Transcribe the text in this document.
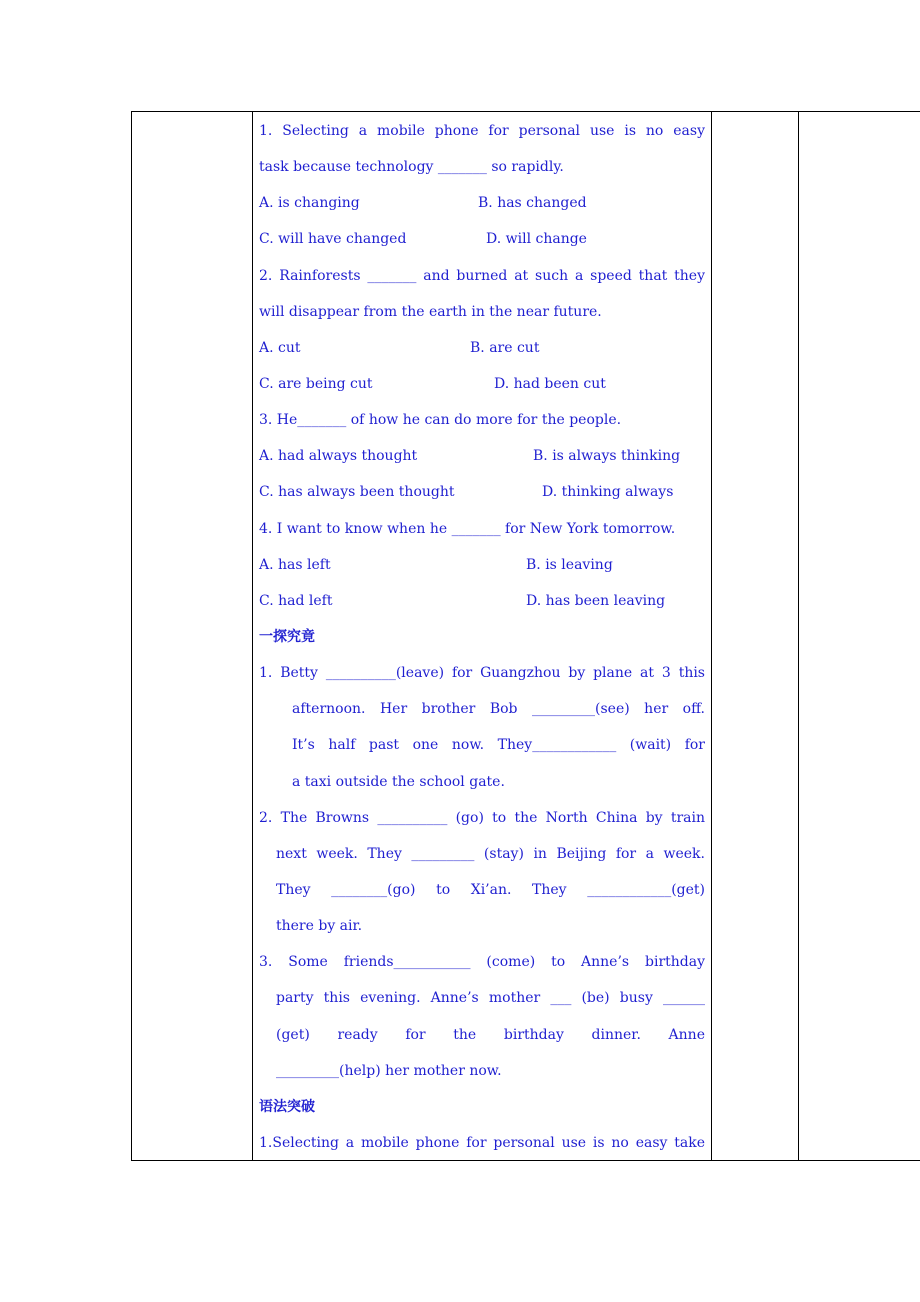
1. Selecting a mobile phone for personal use is no easy
task because technology _______ so rapidly.
A. is changing	B. has changed
C. will have changed	D. will change
2. Rainforests _______ and burned at such a speed that they
will disappear from the earth in the near future.
A. cut	B. are cut
C. are being cut	D. had been cut
3. He_______ of how he can do more for the people.
A. had always thought	B. is always thinking
C. has always been thought	D. thinking always
4. I want to know when he _______ for New York tomorrow.
A. has left	B. is leaving
C. had left	D. has been leaving
一探究竟
1. Betty __________(leave) for Guangzhou by plane at 3 this
afternoon. Her brother Bob _________(see) her off.
It’s half past one now. They____________ (wait) for
a taxi outside the school gate.
2. The Browns __________ (go) to the North China by train
next week. They _________ (stay) in Beijing for a week.
They ________(go) to Xi’an. They ____________(get)
there by air.
3. Some friends___________ (come) to Anne’s birthday
party this evening. Anne’s mother ___ (be) busy ______
(get) ready for the birthday dinner. Anne
_________(help) her mother now.
语法突破
1.Selecting a mobile phone for personal use is no easy take
